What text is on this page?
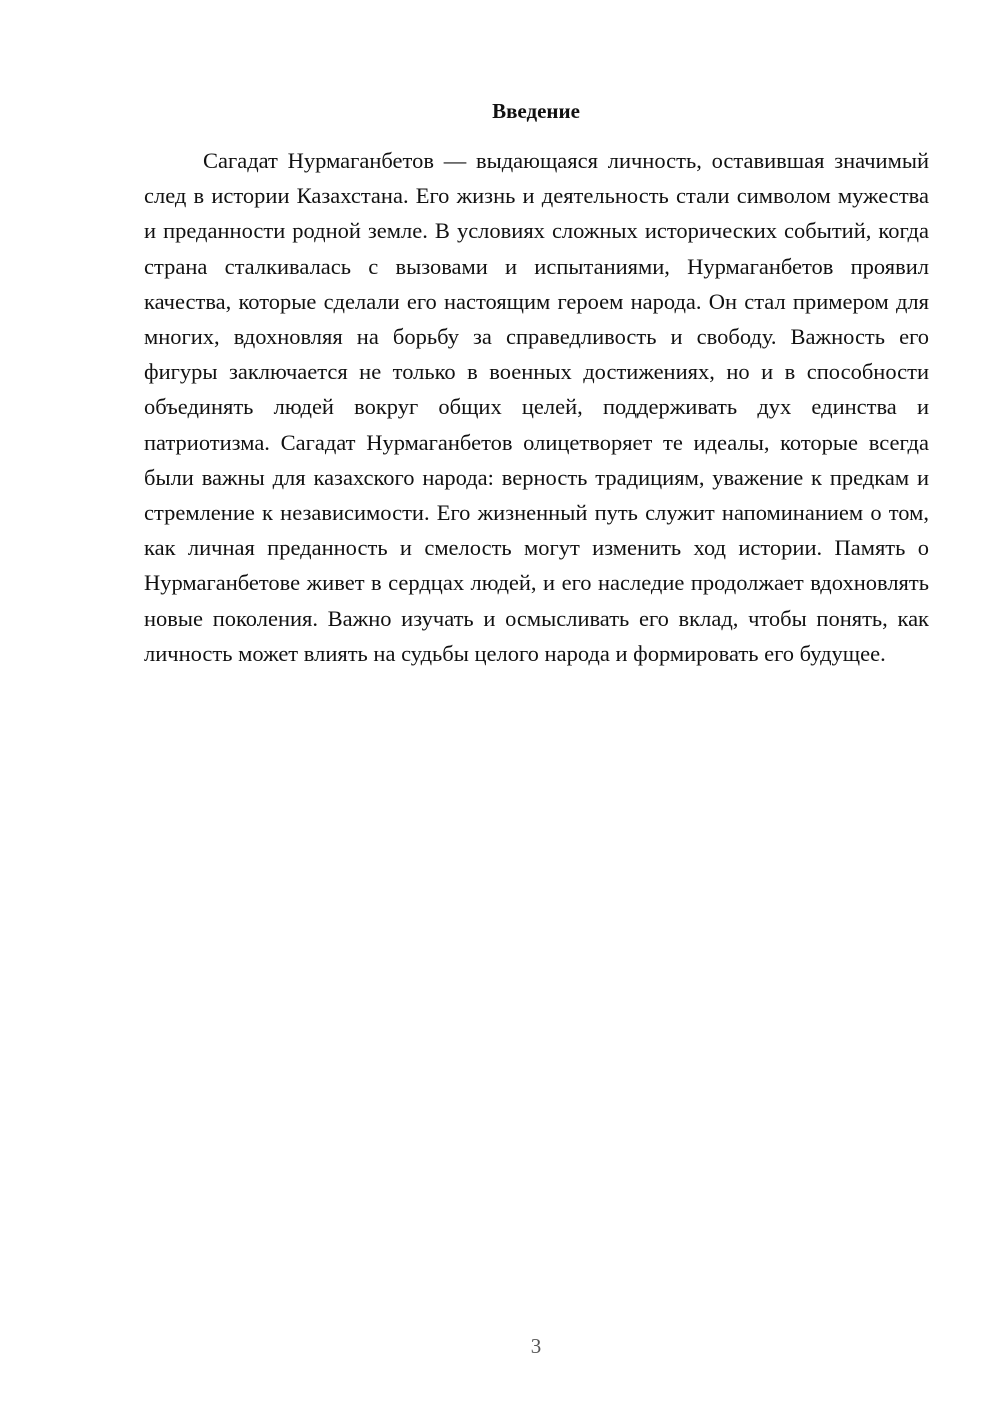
Введение

Сагадат Нурмаганбетов — выдающаяся личность, оставившая значимый след в истории Казахстана. Его жизнь и деятельность стали символом мужества и преданности родной земле. В условиях сложных исторических событий, когда страна сталкивалась с вызовами и испытаниями, Нурмаганбетов проявил качества, которые сделали его настоящим героем народа. Он стал примером для многих, вдохновляя на борьбу за справедливость и свободу. Важность его фигуры заключается не только в военных достижениях, но и в способности объединять людей вокруг общих целей, поддерживать дух единства и патриотизма. Сагадат Нурмаганбетов олицетворяет те идеалы, которые всегда были важны для казахского народа: верность традициям, уважение к предкам и стремление к независимости. Его жизненный путь служит напоминанием о том, как личная преданность и смелость могут изменить ход истории. Память о Нурмаганбетове живет в сердцах людей, и его наследие продолжает вдохновлять новые поколения. Важно изучать и осмысливать его вклад, чтобы понять, как личность может влиять на судьбы целого народа и формировать его будущее.

3
